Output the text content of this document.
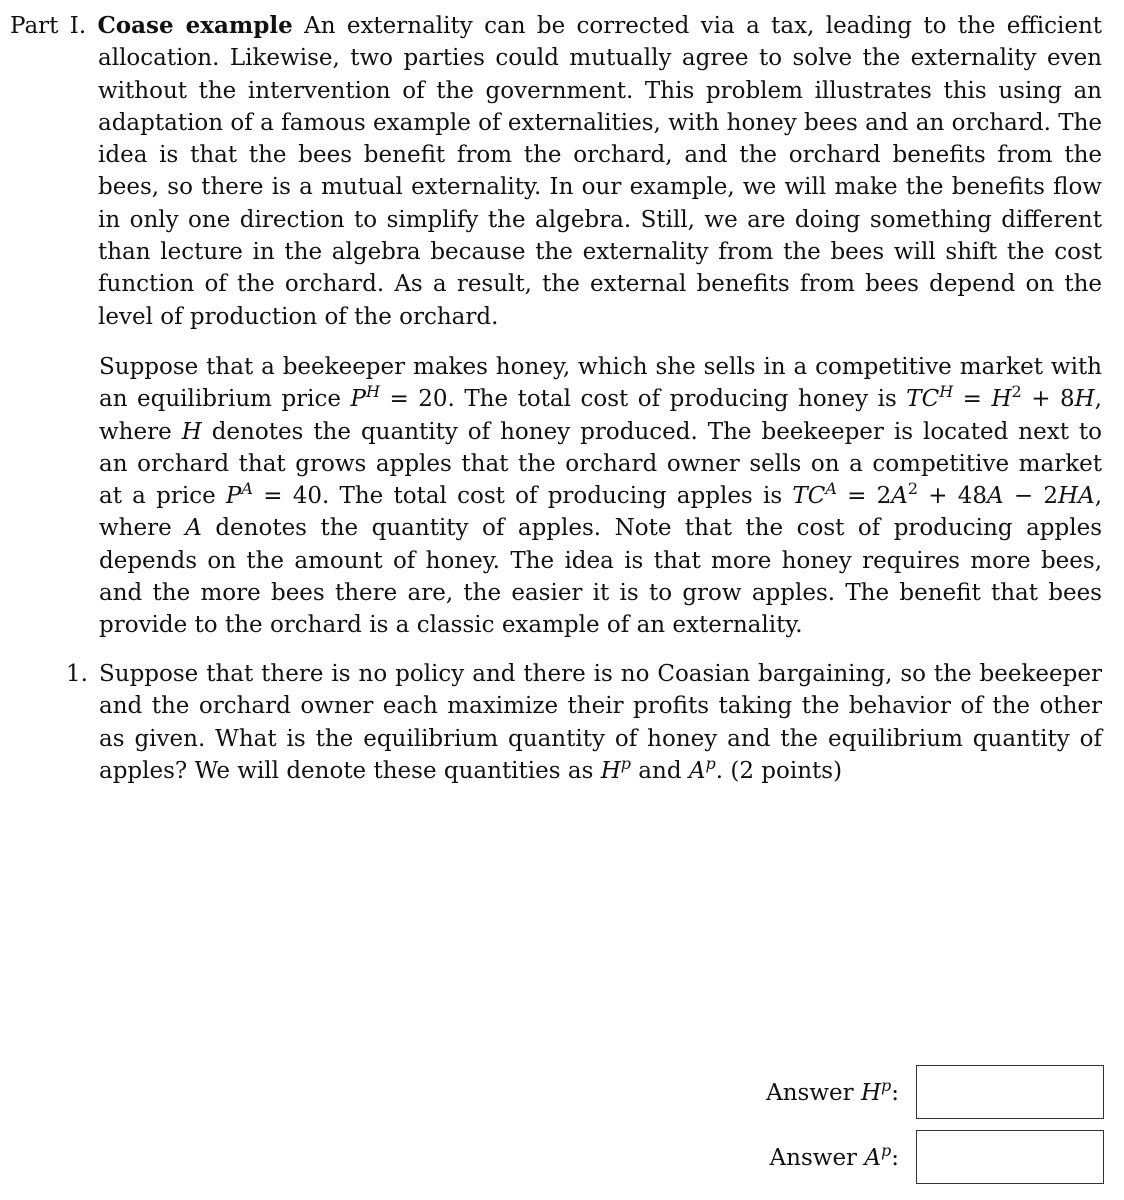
Part I. Coase example An externality can be corrected via a tax, leading to the efficient allocation. Likewise, two parties could mutually agree to solve the externality even without the intervention of the government. This problem illustrates this using an adaptation of a famous example of externalities, with honey bees and an orchard. The idea is that the bees benefit from the orchard, and the orchard benefits from the bees, so there is a mutual externality. In our example, we will make the benefits flow in only one direction to simplify the algebra. Still, we are doing something different than lecture in the algebra because the externality from the bees will shift the cost function of the orchard. As a result, the external benefits from bees depend on the level of production of the orchard.

Suppose that a beekeeper makes honey, which she sells in a competitive market with an equilibrium price $P^H = 20$. The total cost of producing honey is $TC^H = H^2 + 8H$, where H denotes the quantity of honey produced. The beekeeper is located next to an orchard that grows apples that the orchard owner sells on a competitive market at a price $P^A = 40$. The total cost of producing apples is $TC^A = 2A^2 + 48A - 2HA$, where A denotes the quantity of apples. Note that the cost of producing apples depends on the amount of honey. The idea is that more honey requires more bees, and the more bees there are, the easier it is to grow apples. The benefit that bees provide to the orchard is a classic example of an externality.

1. Suppose that there is no policy and there is no Coasian bargaining, so the beekeeper and the orchard owner each maximize their profits taking the behavior of the other as given. What is the equilibrium quantity of honey and the equilibrium quantity of apples? We will denote these quantities as $H^p$ and $A^p$. (2 points)
Answer $H^p$:
Answer $A^p$:
